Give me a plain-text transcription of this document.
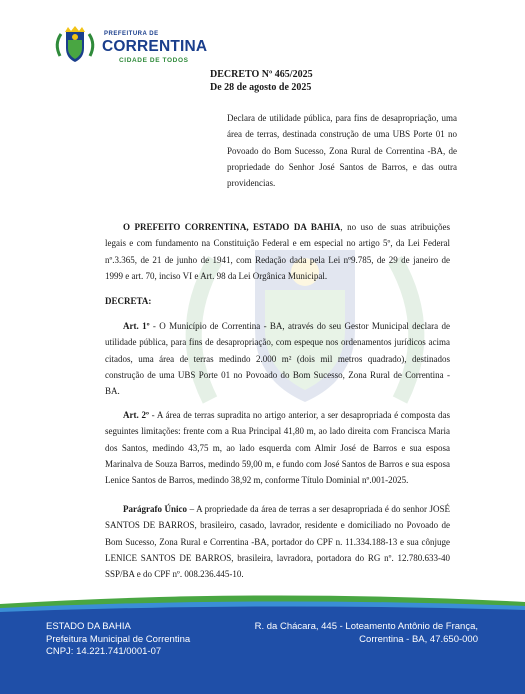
PREFEITURA DE
CORRENTINA
CIDADE DE TODOS
DECRETO Nº 465/2025
De 28 de agosto de 2025
Declara de utilidade pública, para fins de desapropriação, uma área de terras, destinada construção de uma UBS Porte 01 no Povoado do Bom Sucesso, Zona Rural de Correntina -BA, de propriedade do Senhor José Santos de Barros, e das outra providencias.
O PREFEITO CORRENTINA, ESTADO DA BAHIA, no uso de suas atribuições legais e com fundamento na Constituição Federal e em especial no artigo 5º, da Lei Federal nº.3.365, de 21 de junho de 1941, com Redação dada pela Lei nº9.785, de 29 de janeiro de 1999 e art. 70, inciso VI e Art. 98 da Lei Orgânica Municipal.
DECRETA:
Art. 1º - O Município de Correntina - BA, através do seu Gestor Municipal declara de utilidade pública, para fins de desapropriação, com espeque nos ordenamentos jurídicos acima citados, uma área de terras medindo 2.000 m² (dois mil metros quadrado), destinados construção de uma UBS Porte 01 no Povoado do Bom Sucesso, Zona Rural de Correntina - BA.
Art. 2º - A área de terras supradita no artigo anterior, a ser desapropriada é composta das seguintes limitações: frente com a Rua Principal 41,80 m, ao lado direita com Francisca Maria dos Santos, medindo 43,75 m, ao lado esquerda com Almir José de Barros e sua esposa Marinalva de Souza Barros, medindo 59,00 m, e fundo com José Santos de Barros e sua esposa Lenice Santos de Barros, medindo 38,92 m, conforme Título Dominial nº.001-2025.
Parágrafo Único – A propriedade da área de terras a ser desapropriada é do senhor JOSÉ SANTOS DE BARROS, brasileiro, casado, lavrador, residente e domiciliado no Povoado de Bom Sucesso, Zona Rural e Correntina -BA, portador do CPF n. 11.334.188-13 e sua cônjuge LENICE SANTOS DE BARROS, brasileira, lavradora, portadora do RG nº. 12.780.633-40 SSP/BA e do CPF nº. 008.236.445-10.
ESTADO DA BAHIA
Prefeitura Municipal de Correntina
CNPJ: 14.221.741/0001-07
R. da Chácara, 445 - Loteamento Antônio de França,
Correntina - BA, 47.650-000
